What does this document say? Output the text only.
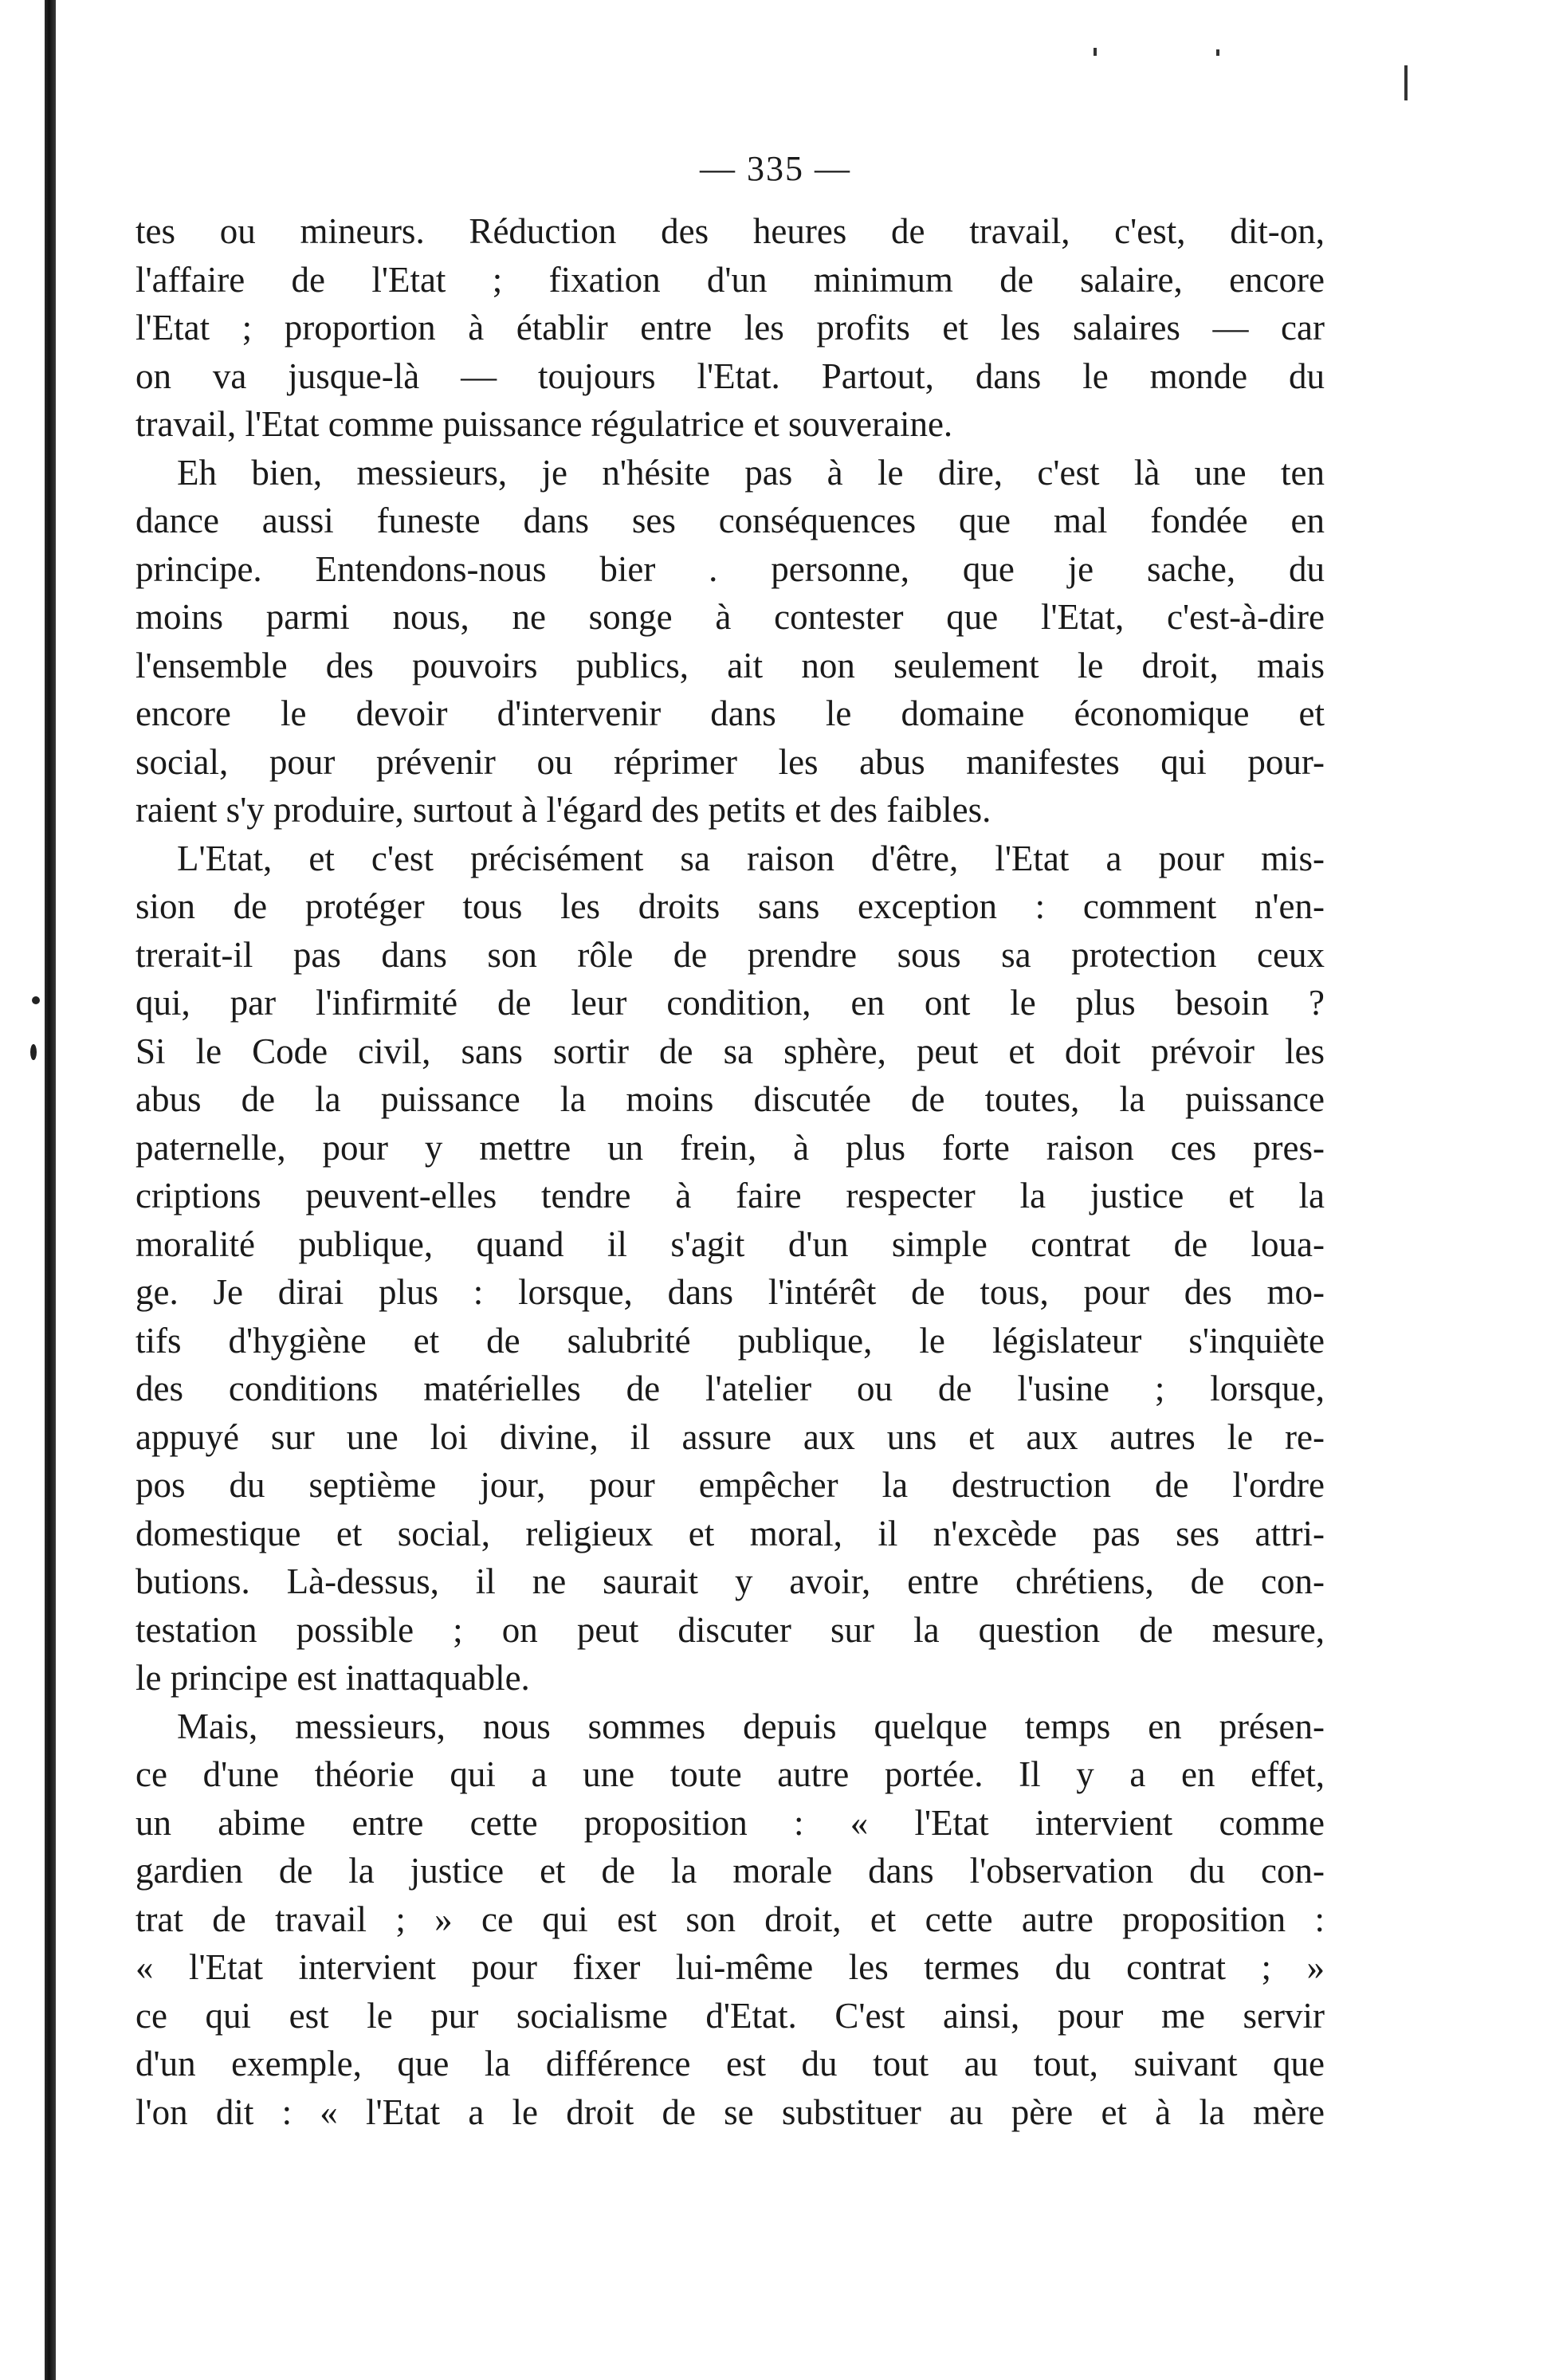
— 335 —
tes ou mineurs. Réduction des heures de travail, c'est, dit-on,
l'affaire de l'Etat ; fixation d'un minimum de salaire, encore
l'Etat ; proportion à établir entre les profits et les salaires — car
on va jusque-là — toujours l'Etat. Partout, dans le monde du
travail, l'Etat comme puissance régulatrice et souveraine.
Eh bien, messieurs, je n'hésite pas à le dire, c'est là une ten
dance aussi funeste dans ses conséquences que mal fondée en
principe. Entendons-nous bier . personne, que je sache, du
moins parmi nous, ne songe à contester que l'Etat, c'est-à-dire
l'ensemble des pouvoirs publics, ait non seulement le droit, mais
encore le devoir d'intervenir dans le domaine économique et
social, pour prévenir ou réprimer les abus manifestes qui pour-
raient s'y produire, surtout à l'égard des petits et des faibles.
L'Etat, et c'est précisément sa raison d'être, l'Etat a pour mis-
sion de protéger tous les droits sans exception : comment n'en-
trerait-il pas dans son rôle de prendre sous sa protection ceux
qui, par l'infirmité de leur condition, en ont le plus besoin ?
Si le Code civil, sans sortir de sa sphère, peut et doit prévoir les
abus de la puissance la moins discutée de toutes, la puissance
paternelle, pour y mettre un frein, à plus forte raison ces pres-
criptions peuvent-elles tendre à faire respecter la justice et la
moralité publique, quand il s'agit d'un simple contrat de loua-
ge. Je dirai plus : lorsque, dans l'intérêt de tous, pour des mo-
tifs d'hygiène et de salubrité publique, le législateur s'inquiète
des conditions matérielles de l'atelier ou de l'usine ; lorsque,
appuyé sur une loi divine, il assure aux uns et aux autres le re-
pos du septième jour, pour empêcher la destruction de l'ordre
domestique et social, religieux et moral, il n'excède pas ses attri-
butions. Là-dessus, il ne saurait y avoir, entre chrétiens, de con-
testation possible ; on peut discuter sur la question de mesure,
le principe est inattaquable.
Mais, messieurs, nous sommes depuis quelque temps en présen-
ce d'une théorie qui a une toute autre portée. Il y a en effet,
un abime entre cette proposition : « l'Etat intervient comme
gardien de la justice et de la morale dans l'observation du con-
trat de travail ; » ce qui est son droit, et cette autre proposition :
« l'Etat intervient pour fixer lui-même les termes du contrat ; »
ce qui est le pur socialisme d'Etat. C'est ainsi, pour me servir
d'un exemple, que la différence est du tout au tout, suivant que
l'on dit : « l'Etat a le droit de se substituer au père et à la mère
